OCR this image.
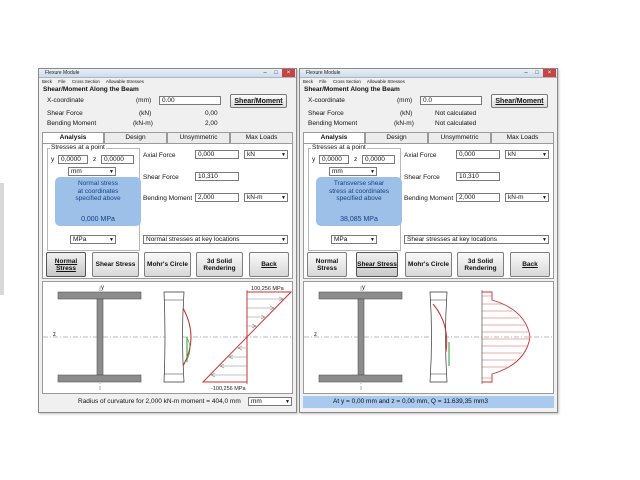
Flexure Module	–	□	×
Beck File Cross Section Allowable Stresses
Shear/Moment Along the Beam
X-coordinate	(mm)	0.00	Shear/Moment
Shear Force	(kN)	0,00
Bending Moment	(kN-m)	2,00
Analysis	Design	Unsymmetric	Max Loads
Stresses at a point
y	0,0000	z	0,0000
mm	▼
Normal stress
at coordinates
specified above
0,000 MPa
MPa	▼
Axial Force	0,000	kN	▼
Shear Force	10,310
Bending Moment 2,000	kN-m	▼
Normal stresses at key locations	▼
Normal Stress	Shear Stress Mohr's Circle	3d Solid Rendering	Back
y
z
100,256 MPa
-100,256 MPa
Radius of curvature for 2,000 kN-m moment = 404,0 mm	mm	▼
Flexure Module	–	□	×
Beck File Cross Section Allowable Stresses
Shear/Moment Along the Beam
X-coordinate	(mm)	0.0	Shear/Moment
Shear Force	(kN)	Not calculated
Bending Moment	(kN-m)	Not calculated
Analysis	Design	Unsymmetric	Max Loads
Stresses at a point
y	0,0000	z	0,0000
mm	▼
Transverse shear
stress at coordinates
specified above
38,085 MPa
MPa	▼
Axial Force	0,000	kN	▼
Shear Force	10,310
Bending Moment 2,000	kN-m	▼
Shear stresses at key locations	▼
Normal Stress	Shear Stress Mohr's Circle	3d Solid Rendering	Back
y
z
At y = 0,00 mm and z = 0,00 mm, Q = 11.639,35 mm3
